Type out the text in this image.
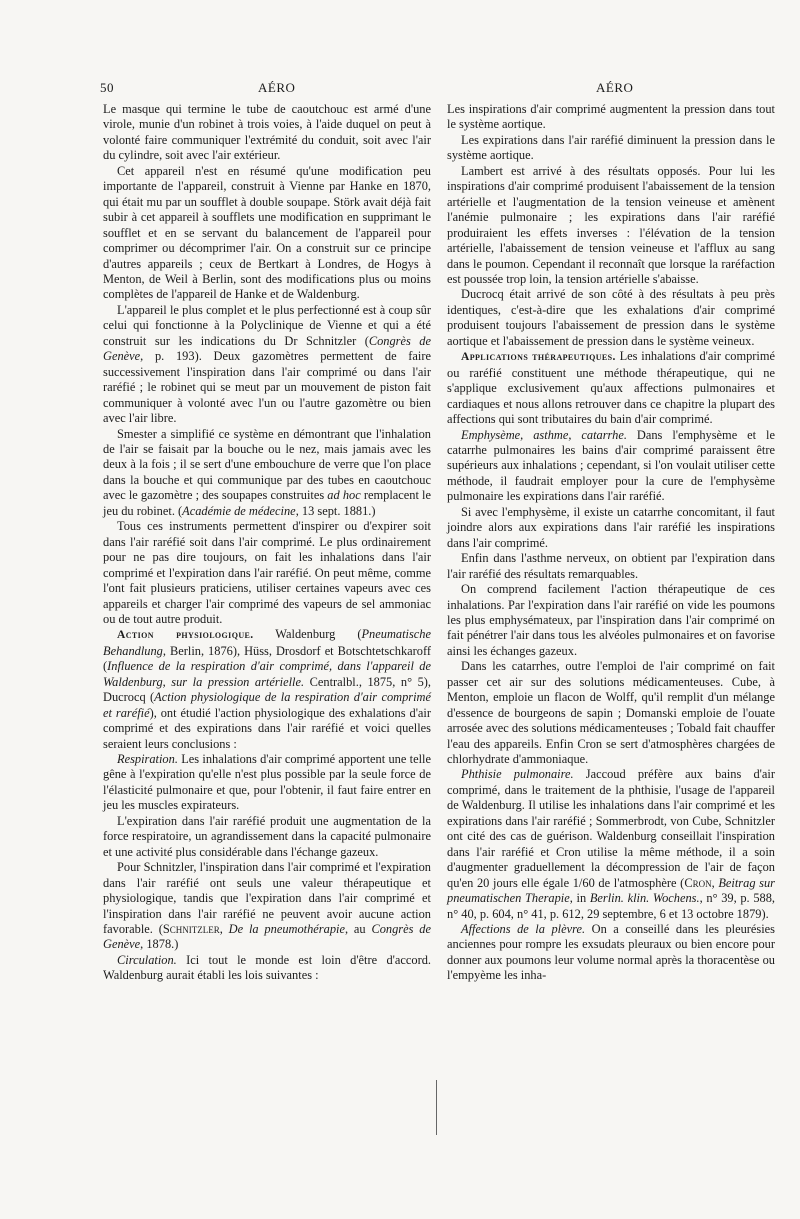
50	AÉRO	AÉRO

Le masque qui termine le tube de caoutchouc est armé d'une virole, munie d'un robinet à trois voies, à l'aide duquel on peut à volonté faire communiquer l'extrémité du conduit, soit avec l'air du cylindre, soit avec l'air extérieur.

Cet appareil n'est en résumé qu'une modification peu importante de l'appareil, construit à Vienne par Hanke en 1870, qui était mu par un soufflet à double soupape. Störk avait déjà fait subir à cet appareil à soufflets une modification en supprimant le soufflet et en se servant du balancement de l'appareil pour comprimer ou décomprimer l'air. On a construit sur ce principe d'autres appareils ; ceux de Bertkart à Londres, de Hogys à Menton, de Weil à Berlin, sont des modifications plus ou moins complètes de l'appareil de Hanke et de Waldenburg.

L'appareil le plus complet et le plus perfectionné est à coup sûr celui qui fonctionne à la Polyclinique de Vienne et qui a été construit sur les indications du Dr Schnitzler (Congrès de Genève, p. 193). Deux gazomètres permettent de faire successivement l'inspiration dans l'air comprimé ou dans l'air raréfié ; le robinet qui se meut par un mouvement de piston fait communiquer à volonté avec l'un ou l'autre gazomètre ou bien avec l'air libre.

Smester a simplifié ce système en démontrant que l'inhalation de l'air se faisait par la bouche ou le nez, mais jamais avec les deux à la fois ; il se sert d'une embouchure de verre que l'on place dans la bouche et qui communique par des tubes en caoutchouc avec le gazomètre ; des soupapes construites ad hoc remplacent le jeu du robinet. (Académie de médecine, 13 sept. 1881.)

Tous ces instruments permettent d'inspirer ou d'expirer soit dans l'air raréfié soit dans l'air comprimé. Le plus ordinairement pour ne pas dire toujours, on fait les inhalations dans l'air comprimé et l'expiration dans l'air raréfié. On peut même, comme l'ont fait plusieurs praticiens, utiliser certaines vapeurs avec ces appareils et charger l'air comprimé des vapeurs de sel ammoniac ou de tout autre produit.

Action physiologique. Waldenburg (Pneumatische Behandlung, Berlin, 1876), Hüss, Drosdorf et Botschtetschkaroff (Influence de la respiration d'air comprimé, dans l'appareil de Waldenburg, sur la pression artérielle. Centralbl., 1875, n° 5), Ducrocq (Action physiologique de la respiration d'air comprimé et raréfié), ont étudié l'action physiologique des exhalations d'air comprimé et des expirations dans l'air raréfié et voici quelles seraient leurs conclusions :

Respiration. Les inhalations d'air comprimé apportent une telle gêne à l'expiration qu'elle n'est plus possible par la seule force de l'élasticité pulmonaire et que, pour l'obtenir, il faut faire entrer en jeu les muscles expirateurs.

L'expiration dans l'air raréfié produit une augmentation de la force respiratoire, un agrandissement dans la capacité pulmonaire et une activité plus considérable dans l'échange gazeux.

Pour Schnitzler, l'inspiration dans l'air comprimé et l'expiration dans l'air raréfié ont seuls une valeur thérapeutique et physiologique, tandis que l'expiration dans l'air comprimé et l'inspiration dans l'air raréfié ne peuvent avoir aucune action favorable. (Schnitzler, De la pneumothérapie, au Congrès de Genève, 1878.)

Circulation. Ici tout le monde est loin d'être d'accord. Waldenburg aurait établi les lois suivantes :

Les inspirations d'air comprimé augmentent la pression dans tout le système aortique.

Les expirations dans l'air raréfié diminuent la pression dans le système aortique.

Lambert est arrivé à des résultats opposés. Pour lui les inspirations d'air comprimé produisent l'abaissement de la tension artérielle et l'augmentation de la tension veineuse et amènent l'anémie pulmonaire ; les expirations dans l'air raréfié produiraient les effets inverses : l'élévation de la tension artérielle, l'abaissement de tension veineuse et l'afflux au sang dans le poumon. Cependant il reconnaît que lorsque la raréfaction est poussée trop loin, la tension artérielle s'abaisse.

Ducrocq était arrivé de son côté à des résultats à peu près identiques, c'est-à-dire que les exhalations d'air comprimé produisent toujours l'abaissement de pression dans le système aortique et l'abaissement de pression dans le système veineux.

Applications thérapeutiques. Les inhalations d'air comprimé ou raréfié constituent une méthode thérapeutique, qui ne s'applique exclusivement qu'aux affections pulmonaires et cardiaques et nous allons retrouver dans ce chapitre la plupart des affections qui sont tributaires du bain d'air comprimé.

Emphysème, asthme, catarrhe. Dans l'emphysème et le catarrhe pulmonaires les bains d'air comprimé paraissent être supérieurs aux inhalations ; cependant, si l'on voulait utiliser cette méthode, il faudrait employer pour la cure de l'emphysème pulmonaire les expirations dans l'air raréfié.

Si avec l'emphysème, il existe un catarrhe concomitant, il faut joindre alors aux expirations dans l'air raréfié les inspirations dans l'air comprimé.

Enfin dans l'asthme nerveux, on obtient par l'expiration dans l'air raréfié des résultats remarquables.

On comprend facilement l'action thérapeutique de ces inhalations. Par l'expiration dans l'air raréfié on vide les poumons les plus emphysémateux, par l'inspiration dans l'air comprimé on fait pénétrer l'air dans tous les alvéoles pulmonaires et on favorise ainsi les échanges gazeux.

Dans les catarrhes, outre l'emploi de l'air comprimé on fait passer cet air sur des solutions médicamenteuses. Cube, à Menton, emploie un flacon de Wolff, qu'il remplit d'un mélange d'essence de bourgeons de sapin ; Domanski emploie de l'ouate arrosée avec des solutions médicamenteuses ; Tobald fait chauffer l'eau des appareils. Enfin Cron se sert d'atmosphères chargées de chlorhydrate d'ammoniaque.

Phthisie pulmonaire. Jaccoud préfère aux bains d'air comprimé, dans le traitement de la phthisie, l'usage de l'appareil de Waldenburg. Il utilise les inhalations dans l'air comprimé et les expirations dans l'air raréfié ; Sommerbrodt, von Cube, Schnitzler ont cité des cas de guérison. Waldenburg conseillait l'inspiration dans l'air raréfié et Cron utilise la même méthode, il a soin d'augmenter graduellement la décompression de l'air de façon qu'en 20 jours elle égale 1/60 de l'atmosphère (Cron, Beitrag sur pneumatischen Therapie, in Berlin. klin. Wochens., n° 39, p. 588, n° 40, p. 604, n° 41, p. 612, 29 septembre, 6 et 13 octobre 1879).

Affections de la plèvre. On a conseillé dans les pleurésies anciennes pour rompre les exsudats pleuraux ou bien encore pour donner aux poumons leur volume normal après la thoracentèse ou l'empyème les inha-
